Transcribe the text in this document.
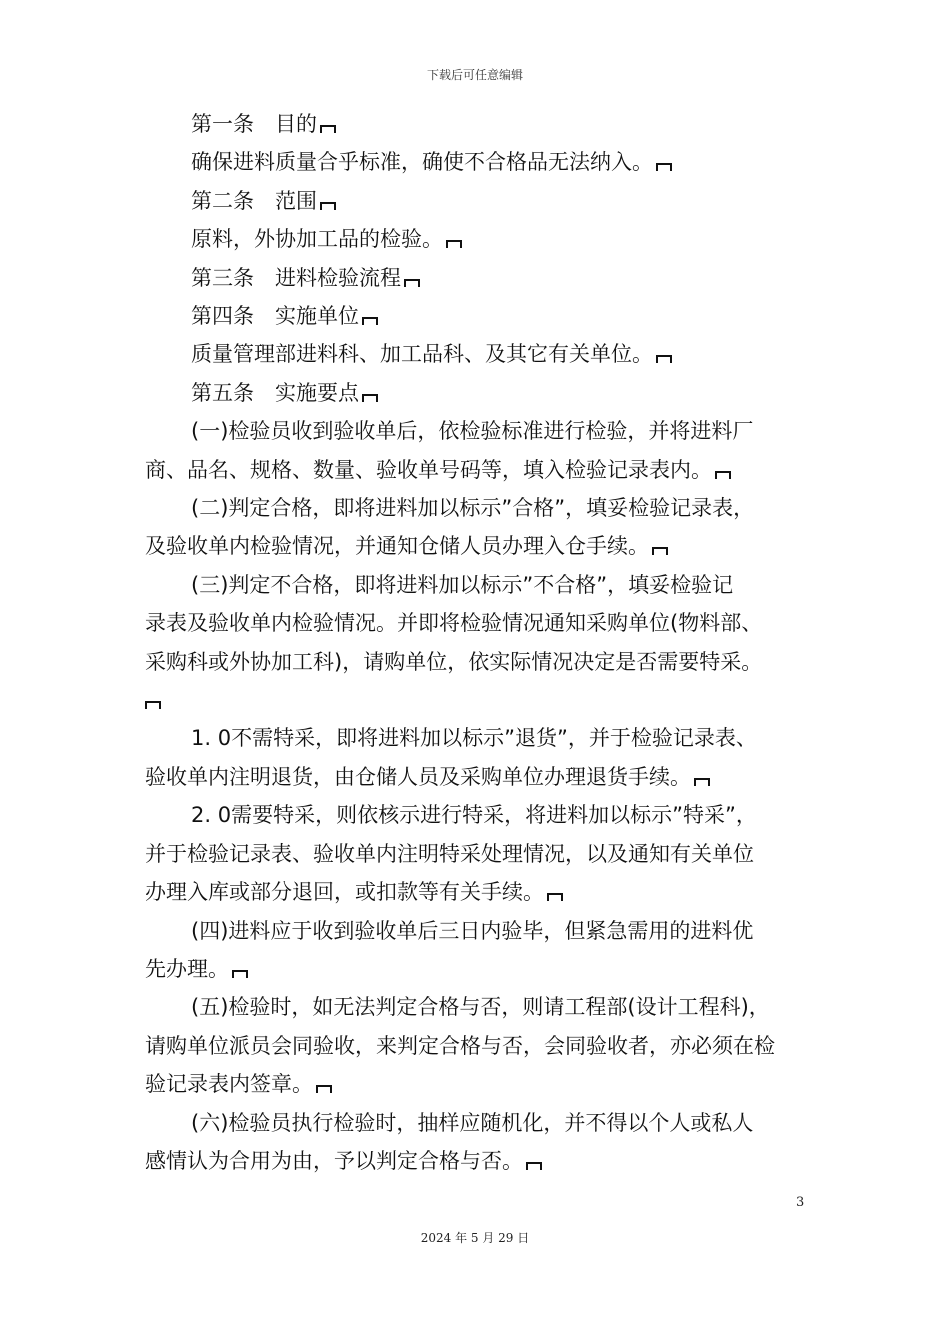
下载后可任意编辑
第一条　目的
确保进料质量合乎标准，确使不合格品无法纳入。
第二条　范围
原料，外协加工品的检验。
第三条　进料检验流程
第四条　实施单位
质量管理部进料科、加工品科、及其它有关单位。
第五条　实施要点
(一)检验员收到验收单后，依检验标准进行检验，并将进料厂
商、品名、规格、数量、验收单号码等，填入检验记录表内。
(二)判定合格，即将进料加以标示”合格”，填妥检验记录表，
及验收单内检验情况，并通知仓储人员办理入仓手续。
(三)判定不合格，即将进料加以标示”不合格”，填妥检验记
录表及验收单内检验情况。并即将检验情况通知采购单位(物料部、
采购科或外协加工科)，请购单位，依实际情况决定是否需要特采。
1. 0不需特采，即将进料加以标示”退货”，并于检验记录表、
验收单内注明退货，由仓储人员及采购单位办理退货手续。
2. 0需要特采，则依核示进行特采，将进料加以标示”特采”，
并于检验记录表、验收单内注明特采处理情况，以及通知有关单位
办理入库或部分退回，或扣款等有关手续。
(四)进料应于收到验收单后三日内验毕，但紧急需用的进料优
先办理。
(五)检验时，如无法判定合格与否，则请工程部(设计工程科)，
请购单位派员会同验收，来判定合格与否，会同验收者，亦必须在检
验记录表内签章。
(六)检验员执行检验时，抽样应随机化，并不得以个人或私人
感情认为合用为由，予以判定合格与否。
3
2024 年 5 月 29 日
